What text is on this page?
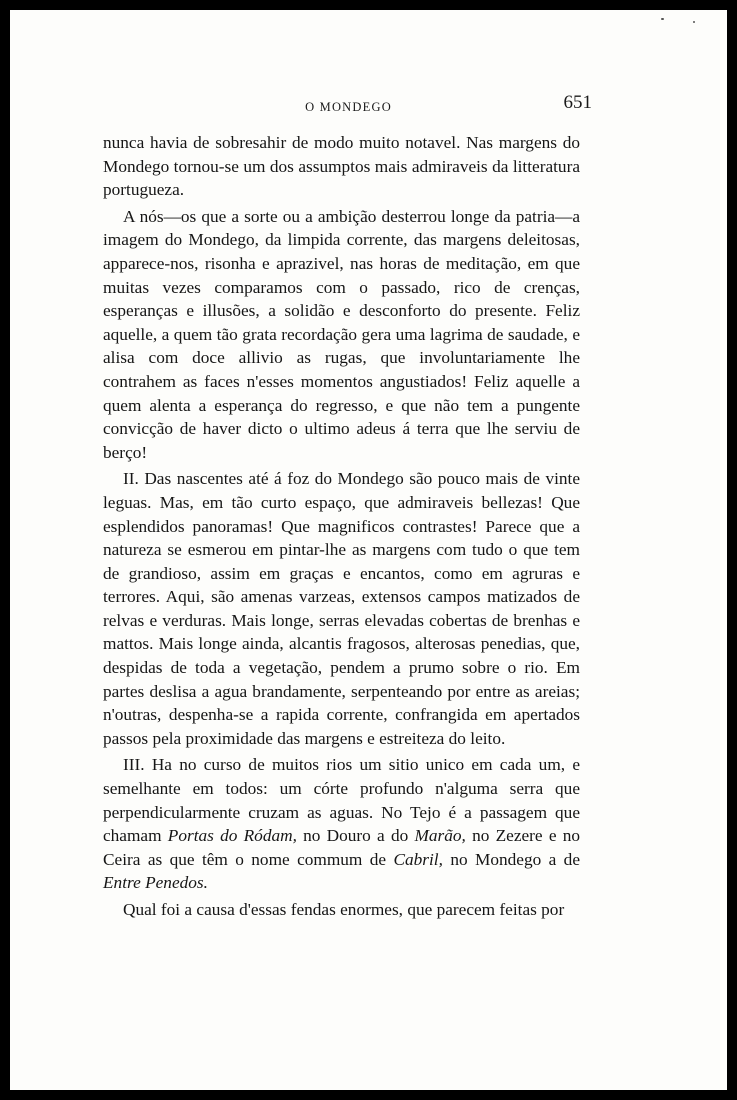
O MONDEGO	651

nunca havia de sobresahir de modo muito notavel. Nas margens do Mondego tornou-se um dos assumptos mais admiraveis da litteratura portugueza.

A nós—os que a sorte ou a ambição desterrou longe da patria—a imagem do Mondego, da limpida corrente, das margens deleitosas, apparece-nos, risonha e aprazivel, nas horas de meditação, em que muitas vezes comparamos com o passado, rico de crenças, esperanças e illusões, a solidão e desconforto do presente. Feliz aquelle, a quem tão grata recordação gera uma lagrima de saudade, e alisa com doce allivio as rugas, que involuntariamente lhe contrahem as faces n'esses momentos angustiados! Feliz aquelle a quem alenta a esperança do regresso, e que não tem a pungente convicção de haver dicto o ultimo adeus á terra que lhe serviu de berço!

II. Das nascentes até á foz do Mondego são pouco mais de vinte leguas. Mas, em tão curto espaço, que admiraveis bellezas! Que esplendidos panoramas! Que magnificos contrastes! Parece que a natureza se esmerou em pintar-lhe as margens com tudo o que tem de grandioso, assim em graças e encantos, como em agruras e terrores. Aqui, são amenas varzeas, extensos campos matizados de relvas e verduras. Mais longe, serras elevadas cobertas de brenhas e mattos. Mais longe ainda, alcantis fragosos, alterosas penedias, que, despidas de toda a vegetação, pendem a prumo sobre o rio. Em partes deslisa a agua brandamente, serpenteando por entre as areias; n'outras, despenha-se a rapida corrente, confrangida em apertados passos pela proximidade das margens e estreiteza do leito.

III. Ha no curso de muitos rios um sitio unico em cada um, e semelhante em todos: um córte profundo n'alguma serra que perpendicularmente cruzam as aguas. No Tejo é a passagem que chamam Portas do Ródam, no Douro a do Marão, no Zezere e no Ceira as que têm o nome commum de Cabril, no Mondego a de Entre Penedos.

Qual foi a causa d'essas fendas enormes, que parecem feitas por
